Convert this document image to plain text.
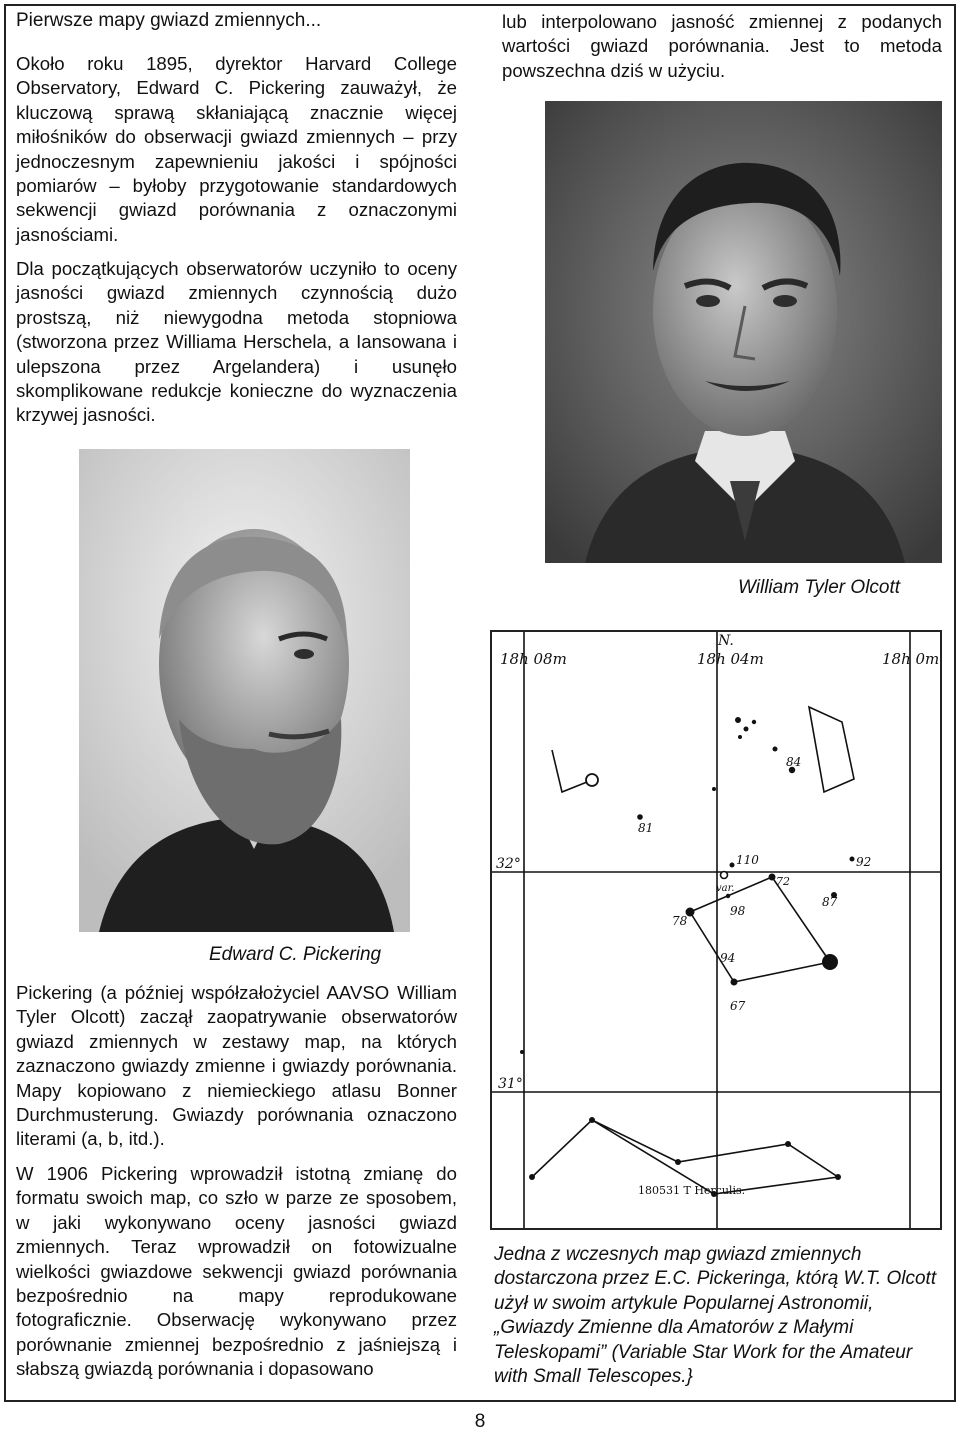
Pierwsze mapy gwiazd zmiennych...

Około roku 1895, dyrektor Harvard College Observatory, Edward C. Pickering zauważył, że kluczową sprawą skłaniającą znacznie więcej miłośników do obserwacji gwiazd zmiennych – przy jednoczesnym zapewnieniu jakości i spójności pomiarów – byłoby przygotowanie standardowych sekwencji gwiazd porównania z oznaczonymi jasnościami.

Dla początkujących obserwatorów uczyniło to oceny jasności gwiazd zmiennych czynnością dużo prostszą, niż niewygodna metoda stopniowa (stworzona przez Williama Herschela, a Iansowana i ulepszona przez Argelandera) i usunęło skomplikowane redukcje konieczne do wyznaczenia krzywej jasności.

Pickering (a później współzałożyciel AAVSO William Tyler Olcott) zaczął zaopatrywanie obserwatorów gwiazd zmiennych w zestawy map, na których zaznaczono gwiazdy zmienne i gwiazdy porównania. Mapy kopiowano z niemieckiego atlasu Bonner Durchmusterung. Gwiazdy porównania oznaczono literami (a, b, itd.).

W 1906 Pickering wprowadził istotną zmianę do formatu swoich map, co szło w parze ze sposobem, w jaki wykonywano oceny jasności gwiazd zmiennych. Teraz wprowadził on fotowizualne wielkości gwiazdowe sekwencji gwiazd porównania bezpośrednio na mapy reprodukowane fotograficznie. Obserwację wykonywano przez porównanie zmiennej bezpośrednio z jaśniejszą i słabszą gwiazdą porównania i dopasowano

lub interpolowano jasność zmiennej z podanych wartości gwiazd porównania. Jest to metoda powszechna dziś w użyciu.

William Tyler Olcott
Edward C. Pickering
N.
18h 08m	18h 04m	18h 0m
32°
31°
84
81
110	92
72
87
78
98
94
67
var.
180531 T Herculis.

Jedna z wczesnych map gwiazd zmiennych dostarczona przez E.C. Pickeringa, którą W.T. Olcott użył w swoim artykule Popularnej Astronomii, „Gwiazdy Zmienne dla Amatorów z Małymi Teleskopami” (Variable Star Work for the Amateur with Small Telescopes.}

8
